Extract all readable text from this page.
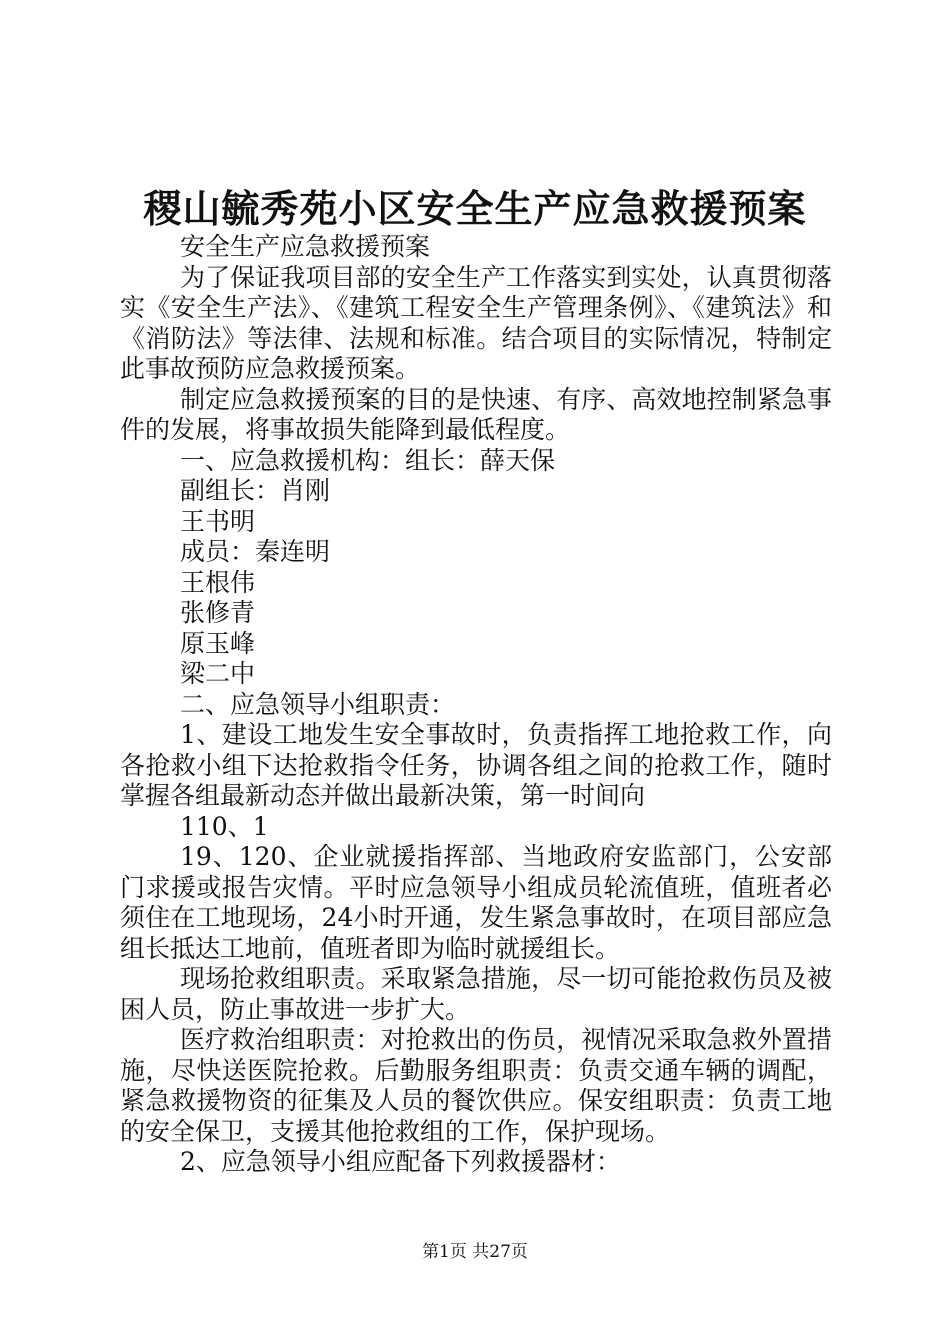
稷山毓秀苑小区安全生产应急救援预案

安全生产应急救援预案

为了保证我项目部的安全生产工作落实到实处，认真贯彻落实《安全生产法》、《建筑工程安全生产管理条例》、《建筑法》和《消防法》等法律、法规和标准。结合项目的实际情况，特制定此事故预防应急救援预案。

制定应急救援预案的目的是快速、有序、高效地控制紧急事件的发展，将事故损失能降到最低程度。

一、应急救援机构：组长：薛天保

副组长：肖刚

王书明

成员：秦连明

王根伟

张修青

原玉峰

梁二中

二、应急领导小组职责：

1、建设工地发生安全事故时，负责指挥工地抢救工作，向各抢救小组下达抢救指令任务，协调各组之间的抢救工作，随时掌握各组最新动态并做出最新决策，第一时间向

110、1

19、120、企业就援指挥部、当地政府安监部门，公安部门求援或报告灾情。平时应急领导小组成员轮流值班，值班者必须住在工地现场，24小时开通，发生紧急事故时，在项目部应急组长抵达工地前，值班者即为临时就援组长。

现场抢救组职责。采取紧急措施，尽一切可能抢救伤员及被困人员，防止事故进一步扩大。

医疗救治组职责：对抢救出的伤员，视情况采取急救外置措施，尽快送医院抢救。后勤服务组职责：负责交通车辆的调配，紧急救援物资的征集及人员的餐饮供应。保安组职责：负责工地的安全保卫，支援其他抢救组的工作，保护现场。

2、应急领导小组应配备下列救援器材：

第1页 共27页
